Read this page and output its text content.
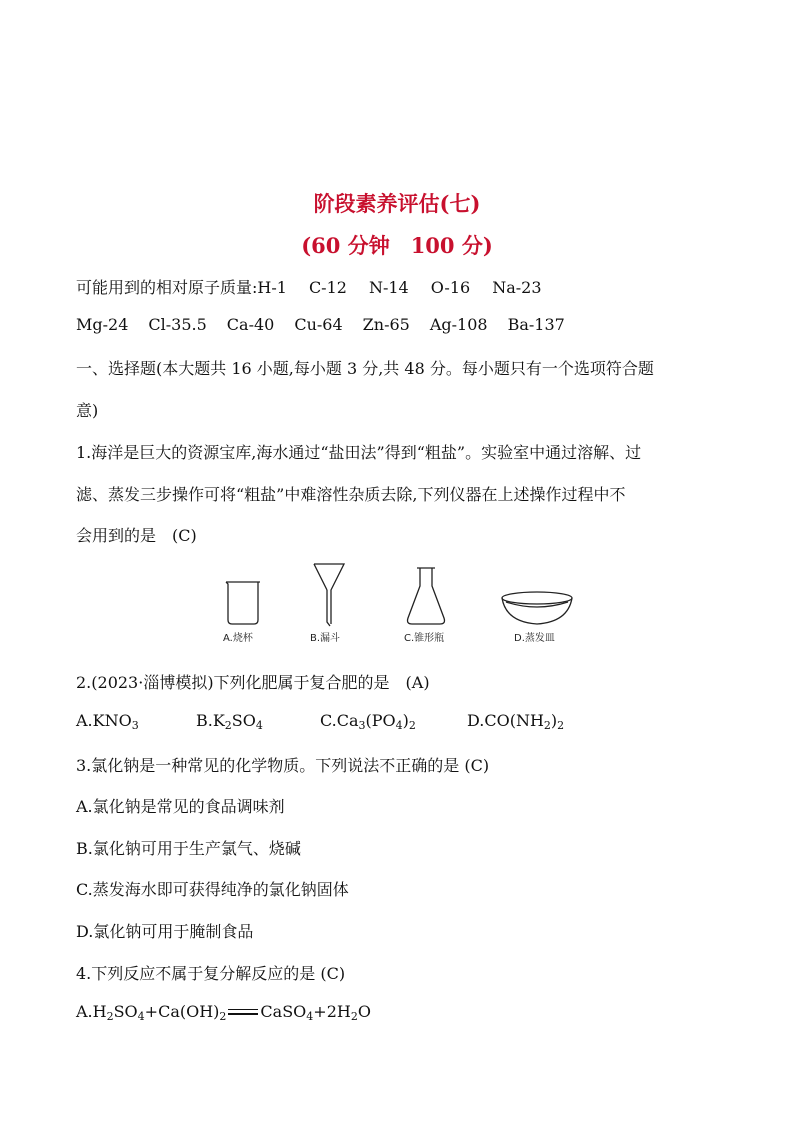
阶段素养评估(七)
(60 分钟　100 分)
可能用到的相对原子质量:H-1 C-12 N-14 O-16 Na-23
Mg-24 Cl-35.5 Ca-40 Cu-64 Zn-65 Ag-108 Ba-137
一、选择题(本大题共 16 小题,每小题 3 分,共 48 分。每小题只有一个选项符合题
意)
1.海洋是巨大的资源宝库,海水通过“盐田法”得到“粗盐”。实验室中通过溶解、过
滤、蒸发三步操作可将“粗盐”中难溶性杂质去除,下列仪器在上述操作过程中不
会用到的是　(C)
A.烧杯	B.漏斗	C.锥形瓶	D.蒸发皿
2.(2023·淄博模拟)下列化肥属于复合肥的是　(A)
$A.KNO_3$	$B.K_2SO_4$	$C.Ca_3(PO_4)_2$	$D.CO(NH_2)_2$
3.氯化钠是一种常见的化学物质。下列说法不正确的是 (C)
A.氯化钠是常见的食品调味剂
B.氯化钠可用于生产氯气、烧碱
C.蒸发海水即可获得纯净的氯化钠固体
D.氯化钠可用于腌制食品
4.下列反应不属于复分解反应的是 (C)
$A.H_2SO_4+Ca(OH)_2$ $CaSO_4+2H_2O$
